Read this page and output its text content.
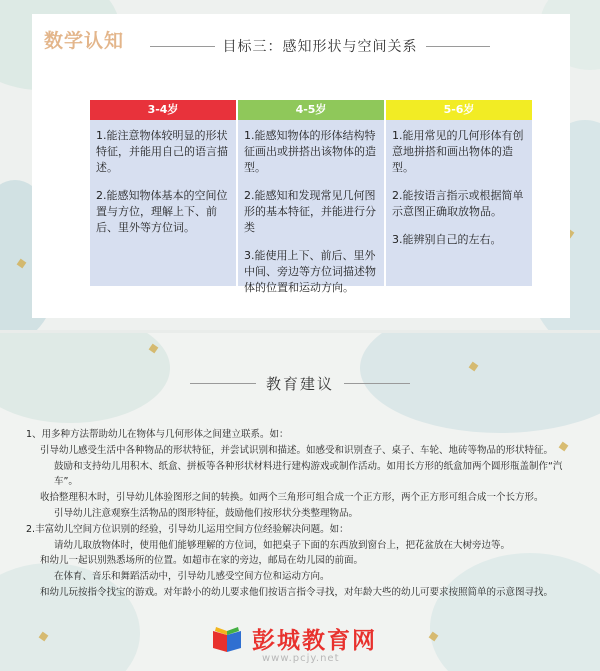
数学认知	目标三：感知形状与空间关系
3-4岁

1.能注意物体较明显的形状特征，并能用自己的语言描述。

2.能感知物体基本的空间位置与方位，理解上下、前后、里外等方位词。

4-5岁

1.能感知物体的形体结构特征画出或拼搭出该物体的造型。

2.能感知和发现常见几何图形的基本特征，并能进行分类

3.能使用上下、前后、里外中间、旁边等方位词描述物体的位置和运动方向。

5-6岁

1.能用常见的几何形体有创意地拼搭和画出物体的造型。

2.能按语言指示或根据简单示意图正确取放物品。

3.能辨别自己的左右。

教育建议
1、用多种方法帮助幼儿在物体与几何形体之间建立联系。如：
引导幼儿感受生活中各种物品的形状特征，并尝试识别和描述。如感受和识别查子、桌子、车轮、地砖等物品的形状特征。
鼓励和支持幼儿用积木、纸盒、拼板等各种形状材料进行建构游戏或制作活动。如用长方形的纸盒加两个圆形瓶盖制作“汽车”。
收拾整理积木时，引导幼儿体验图形之间的转换。如两个三角形可组合成一个正方形，两个正方形可组合成一个长方形。
引导幼儿注意观察生活物品的图形特征，鼓励他们按形状分类整理物品。
2.丰富幼儿空间方位识别的经验，引导幼儿运用空间方位经验解决问题。如：
请幼儿取放物体时，使用他们能够理解的方位词，如把桌子下面的东西放到窗台上，把花盆放在大树旁边等。
和幼儿一起识别熟悉场所的位置。如超市在家的旁边，邮局在幼儿园的前面。
在体育、音乐和舞蹈活动中，引导幼儿感受空间方位和运动方向。
和幼儿玩按指令找宝的游戏。对年龄小的幼儿要求他们按语言指令寻找，对年龄大些的幼儿可要求按照简单的示意图寻找。
彭城教育网
www.pcjy.net
